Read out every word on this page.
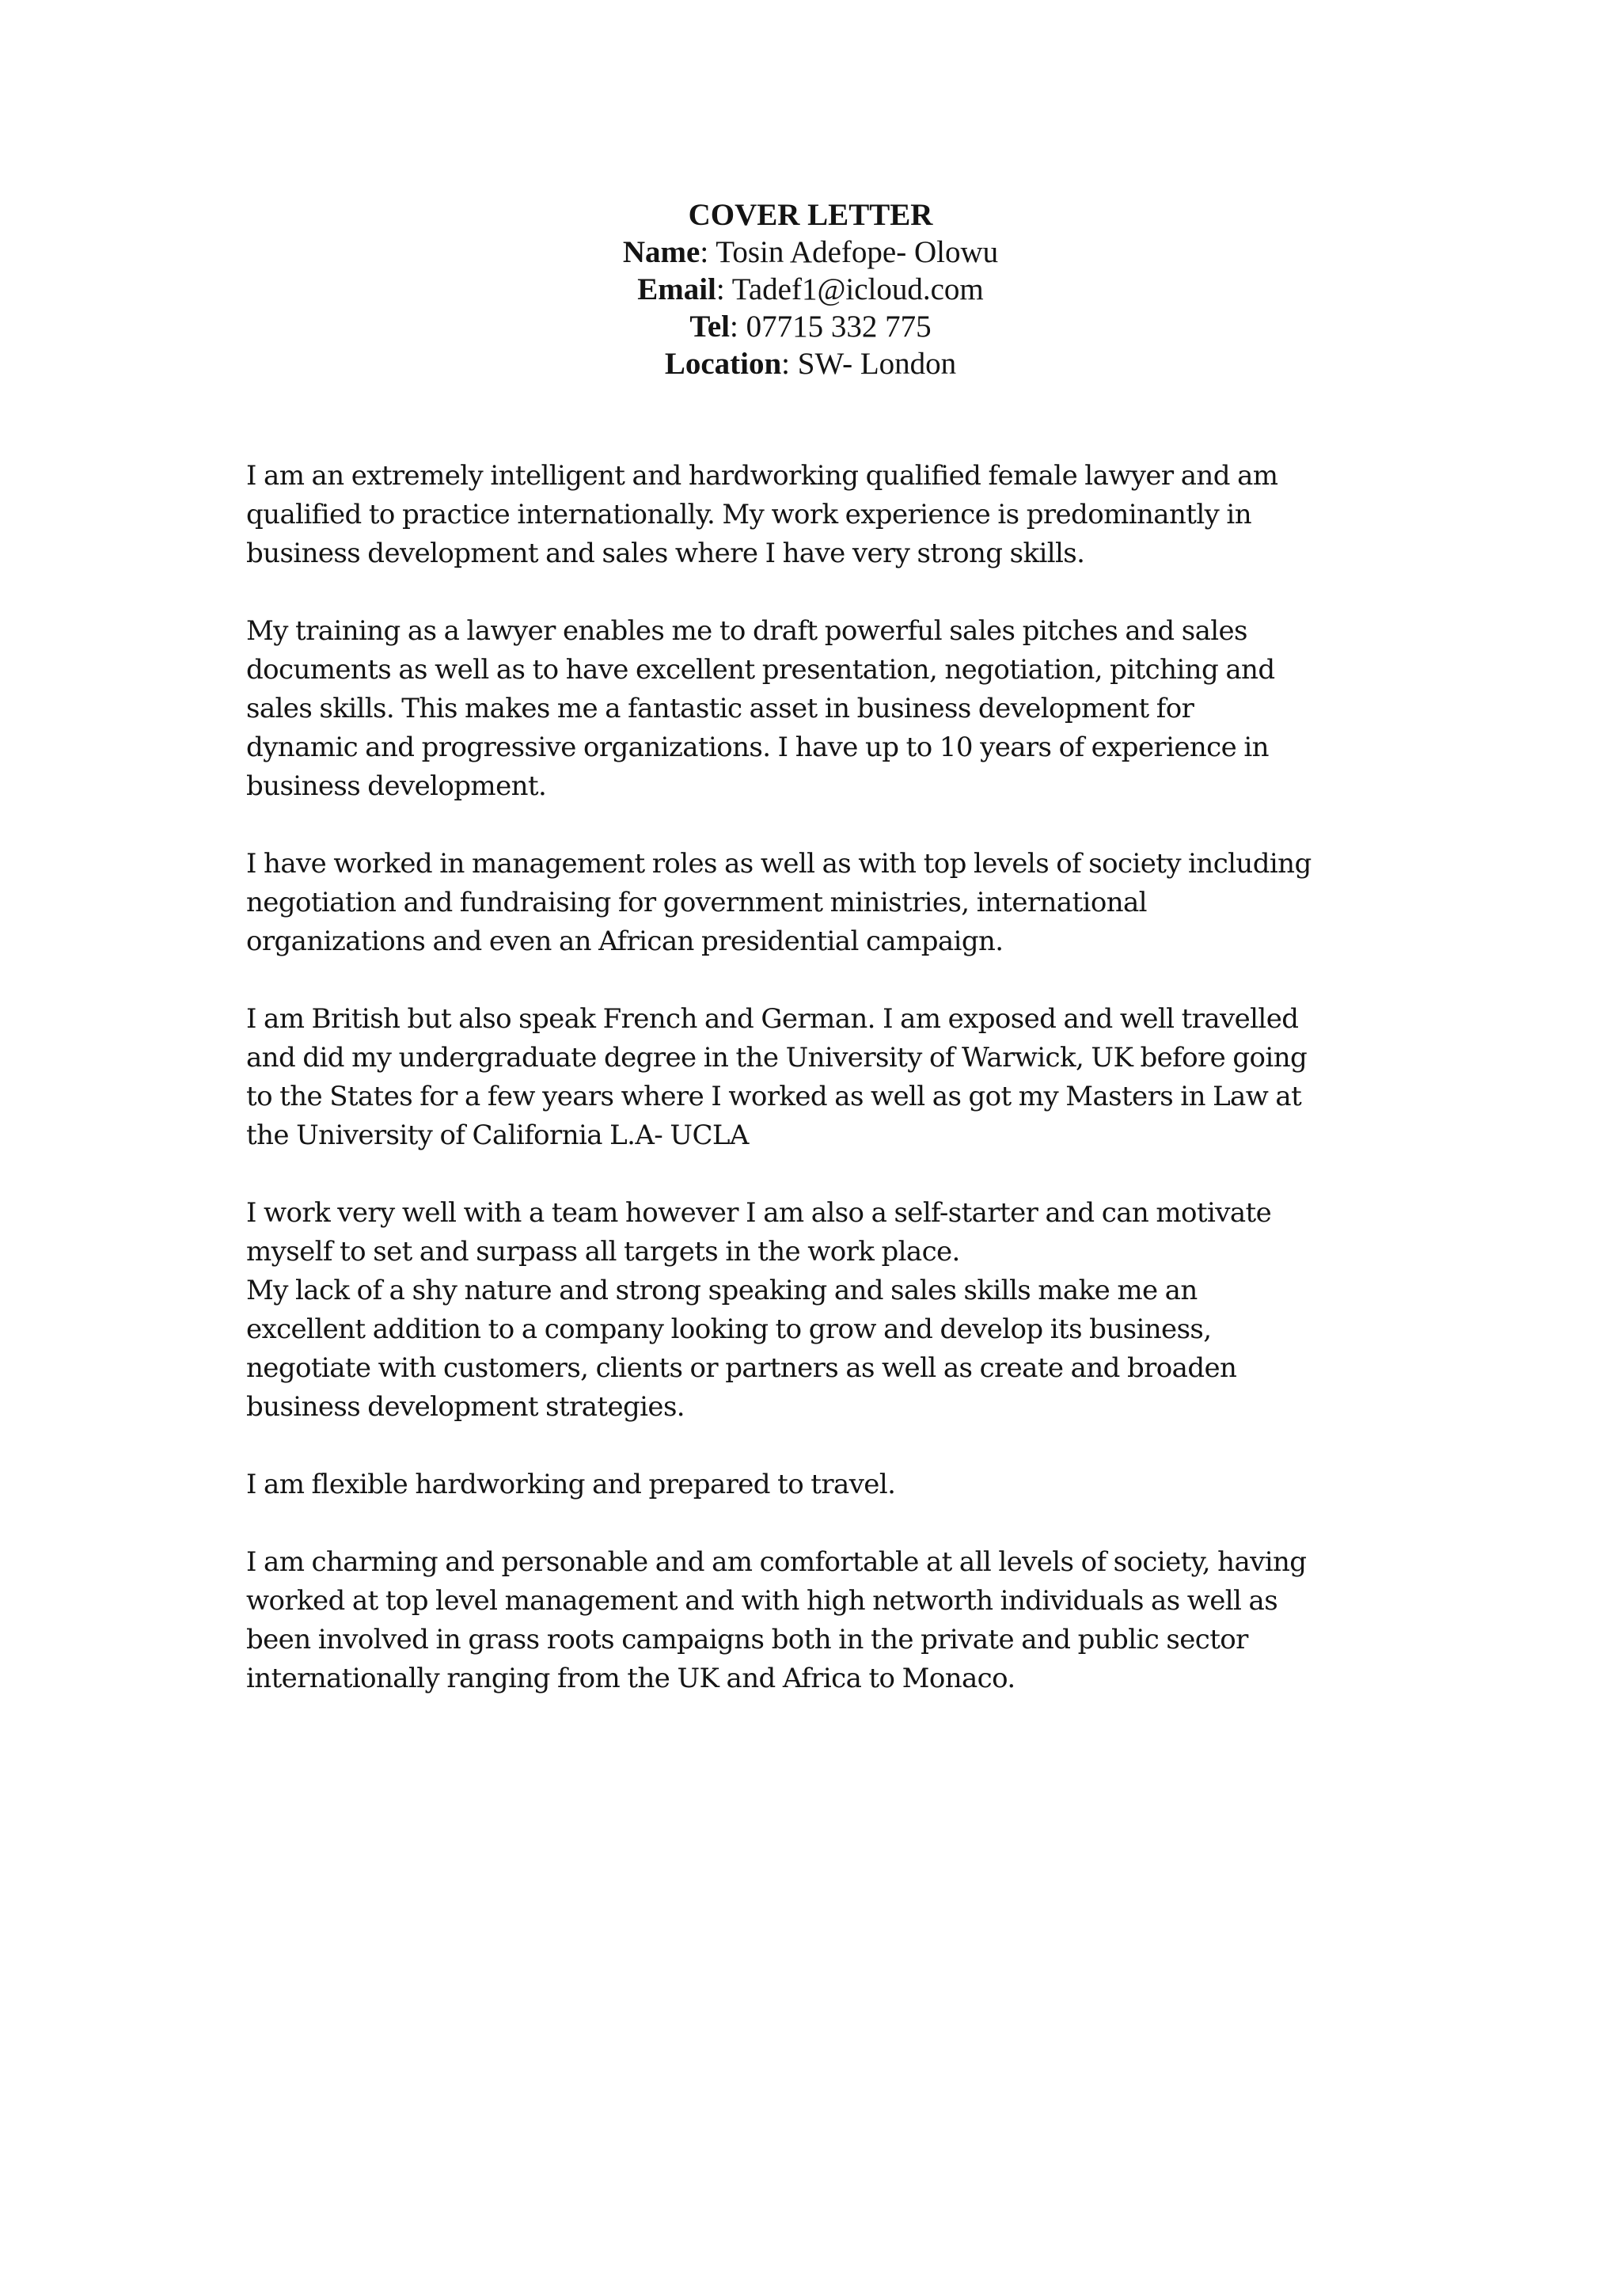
COVER LETTER
Name: Tosin Adefope- Olowu
Email: Tadef1@icloud.com
Tel: 07715 332 775
Location: SW- London

I am an extremely intelligent and hardworking qualified female lawyer and am
qualified to practice internationally. My work experience is predominantly in
business development and sales where I have very strong skills.

My training as a lawyer enables me to draft powerful sales pitches and sales
documents as well as to have excellent presentation, negotiation, pitching and
sales skills. This makes me a fantastic asset in business development for
dynamic and progressive organizations. I have up to 10 years of experience in
business development.

I have worked in management roles as well as with top levels of society including
negotiation and fundraising for government ministries, international
organizations and even an African presidential campaign.

I am British but also speak French and German. I am exposed and well travelled
and did my undergraduate degree in the University of Warwick, UK before going
to the States for a few years where I worked as well as got my Masters in Law at
the University of California L.A- UCLA

I work very well with a team however I am also a self-starter and can motivate
myself to set and surpass all targets in the work place.

My lack of a shy nature and strong speaking and sales skills make me an
excellent addition to a company looking to grow and develop its business,
negotiate with customers, clients or partners as well as create and broaden
business development strategies.

I am flexible hardworking and prepared to travel.

I am charming and personable and am comfortable at all levels of society, having
worked at top level management and with high networth individuals as well as
been involved in grass roots campaigns both in the private and public sector
internationally ranging from the UK and Africa to Monaco.
